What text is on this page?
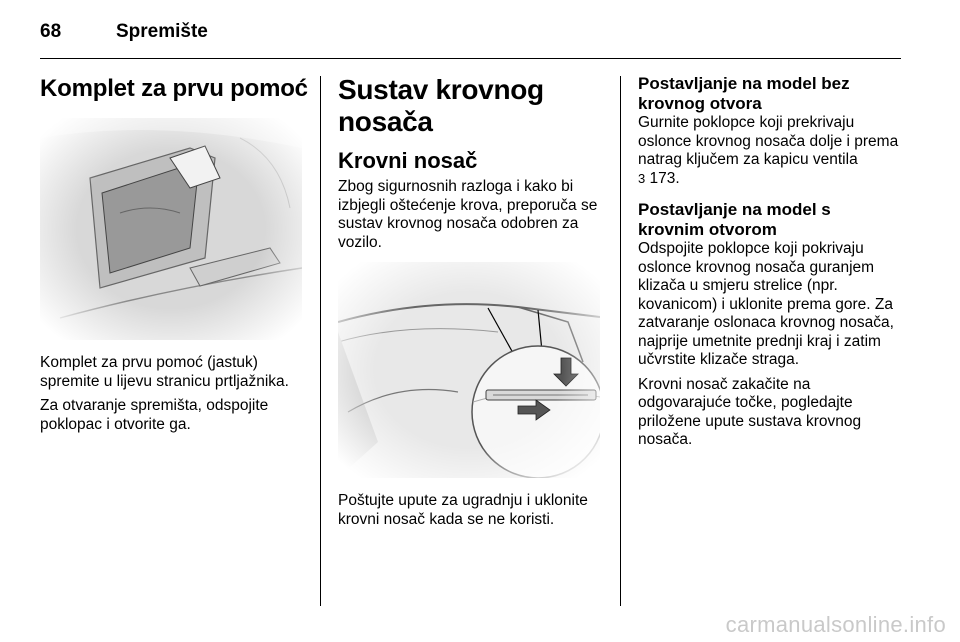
68	Spremište
Komplet za prvu pomoć

Komplet za prvu pomoć (jastuk) spremite u lijevu stranicu prtljažnika.

Za otvaranje spremišta, odspojite poklopac i otvorite ga.

Sustav krovnog nosača
Krovni nosač

Zbog sigurnosnih razloga i kako bi izbjegli oštećenje krova, preporuča se sustav krovnog nosača odobren za vozilo.

Poštujte upute za ugradnju i uklonite krovni nosač kada se ne koristi.

Postavljanje na model bez krovnog otvora

Gurnite poklopce koji prekrivaju oslonce krovnog nosača dolje i prema natrag ključem za kapicu ventila
3 173.

Postavljanje na model s krovnim otvorom

Odspojite poklopce koji pokrivaju oslonce krovnog nosača guranjem klizača u smjeru strelice (npr. kovanicom) i uklonite prema gore. Za zatvaranje oslonaca krovnog nosača, najprije umetnite prednji kraj i zatim učvrstite klizače straga.

Krovni nosač zakačite na odgovarajuće točke, pogledajte priložene upute sustava krovnog nosača.

carmanualsonline.info
